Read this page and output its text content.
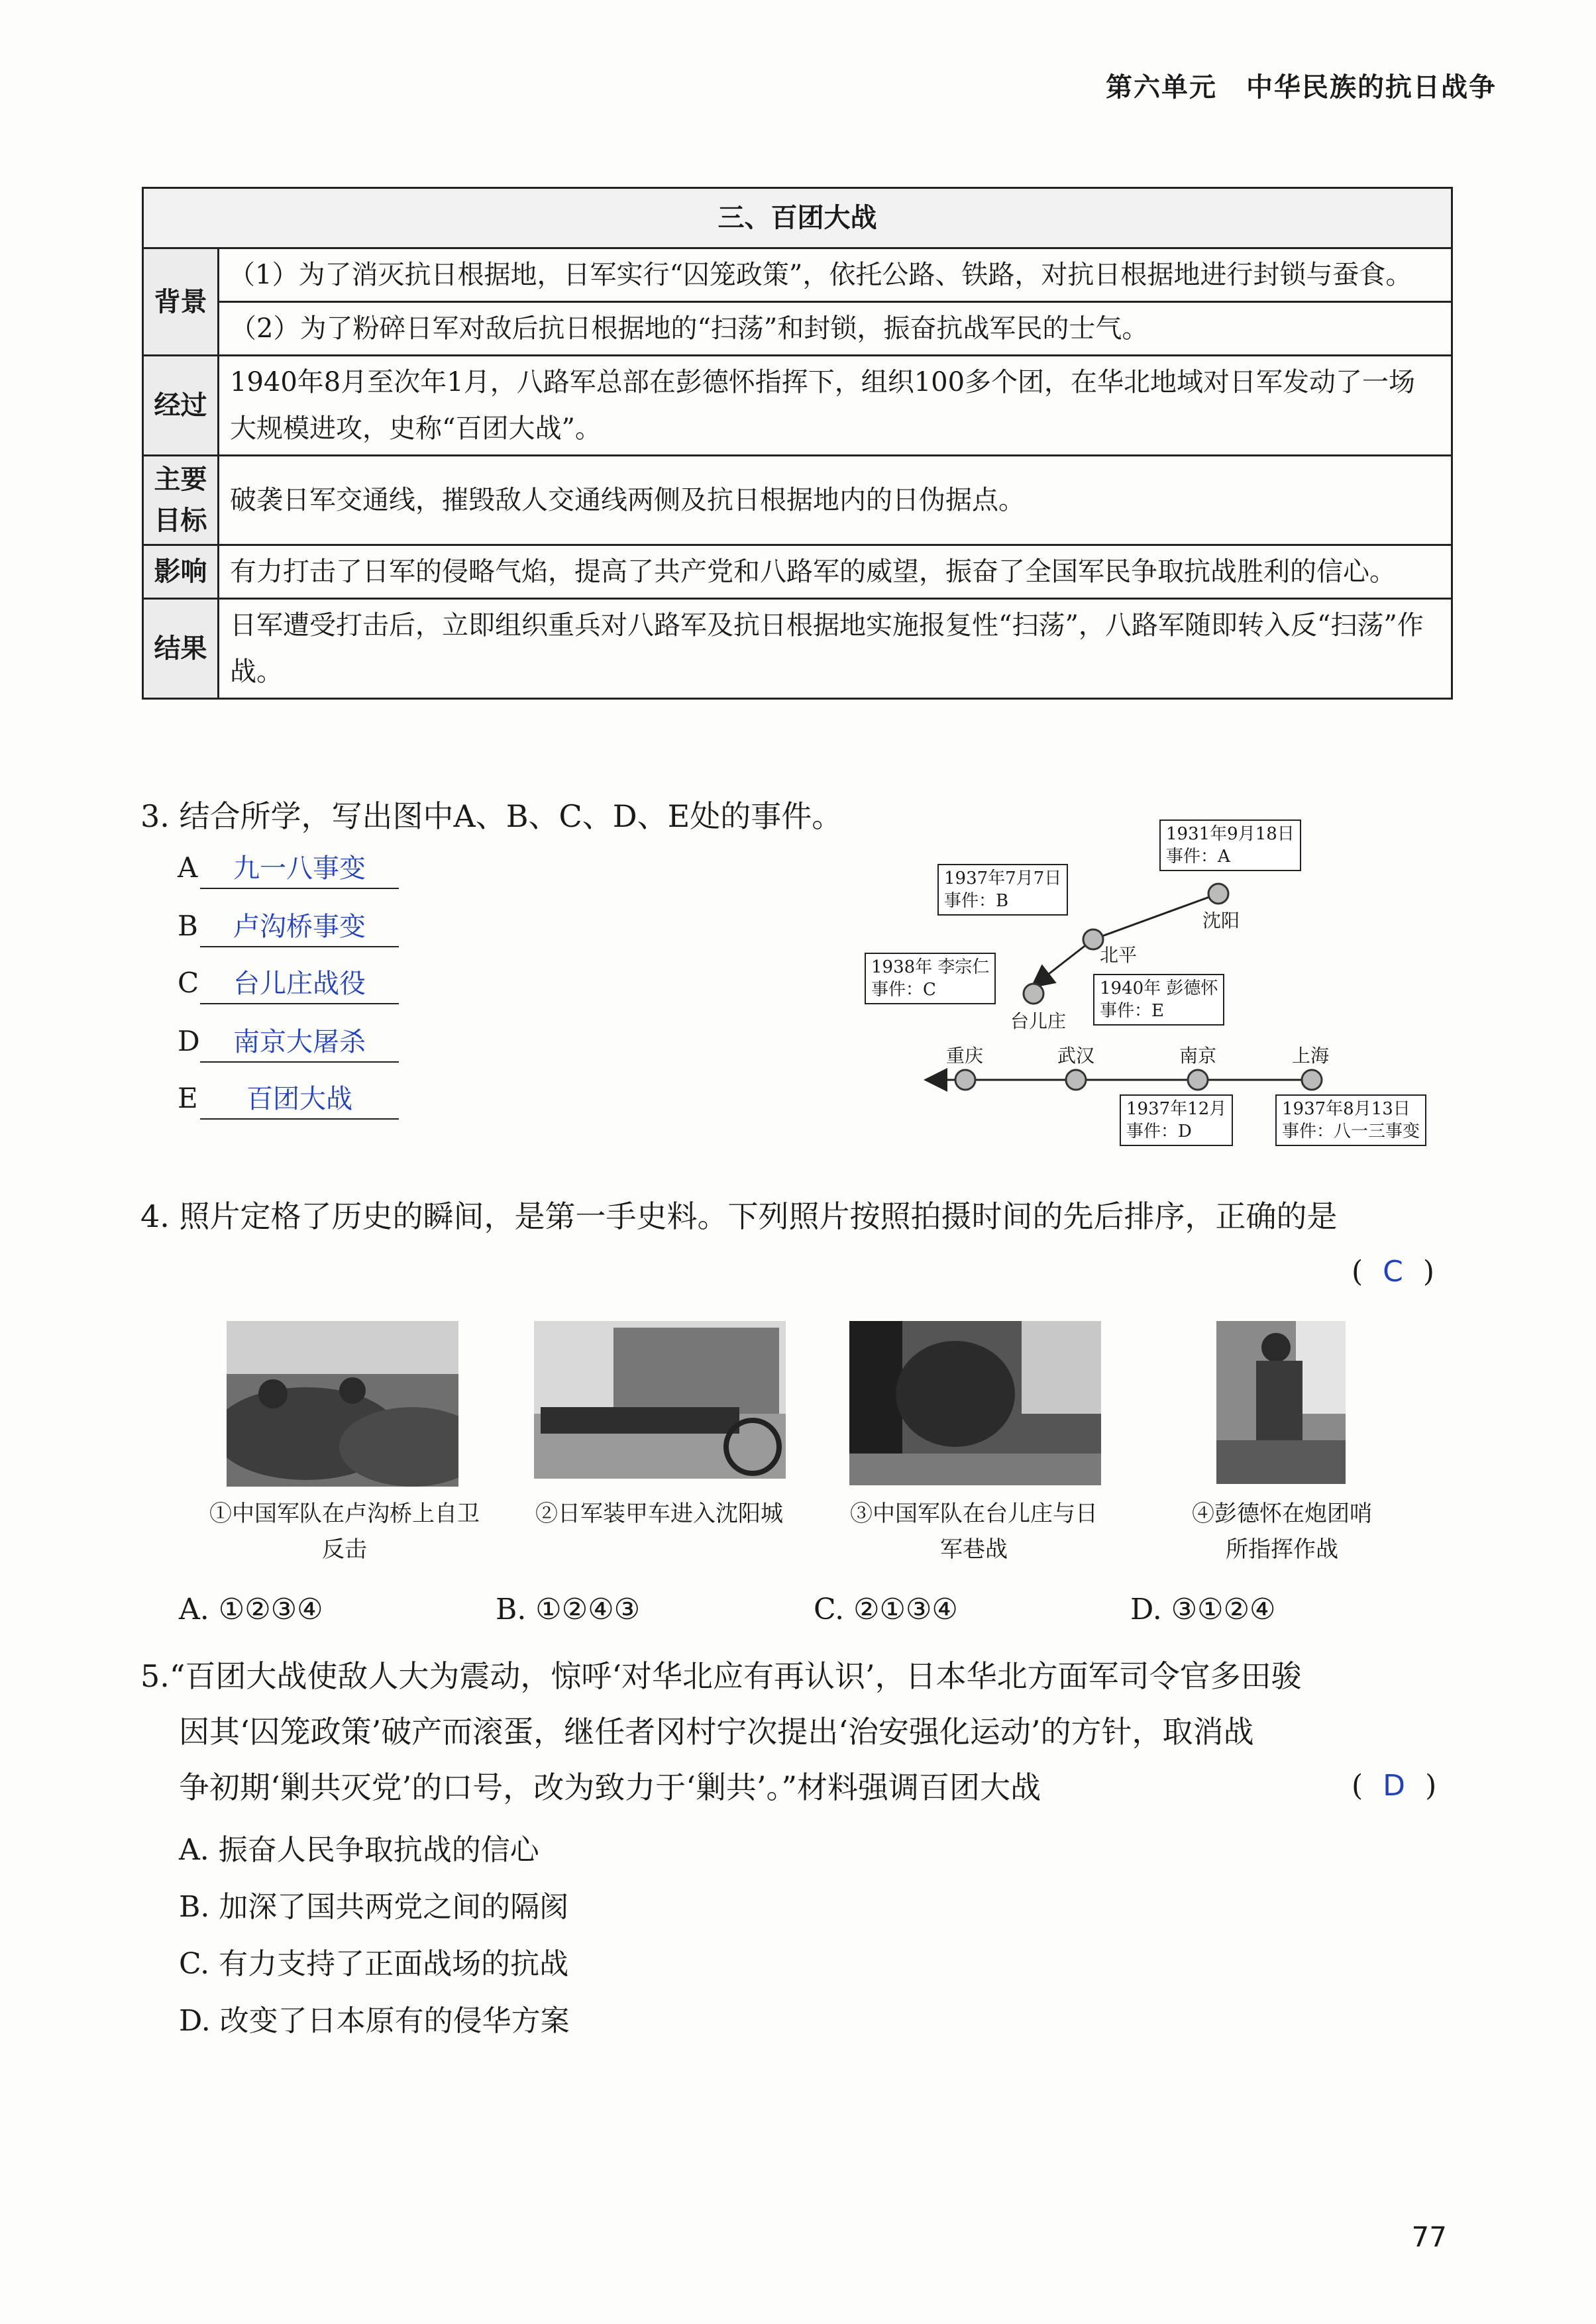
第六单元 中华民族的抗日战争
三、百团大战	
背景	（1）为了消灭抗日根据地，日军实行“囚笼政策”，依托公路、铁路，对抗日根据地进行封锁与蚕食。
	（2）为了粉碎日军对敌后抗日根据地的“扫荡”和封锁，振奋抗战军民的士气。
经过	1940年8月至次年1月，八路军总部在彭德怀指挥下，组织100多个团，在华北地域对日军发动了一场大规模进攻，史称“百团大战”。
主要目标	破袭日军交通线，摧毁敌人交通线两侧及抗日根据地内的日伪据点。
影响	有力打击了日军的侵略气焰，提高了共产党和八路军的威望，振奋了全国军民争取抗战胜利的信心。
结果	日军遭受打击后，立即组织重兵对八路军及抗日根据地实施报复性“扫荡”，八路军随即转入反“扫荡”作战。
3. 结合所学，写出图中A、B、C、D、E处的事件。
A 九一八事变
B 卢沟桥事变
C 台儿庄战役
D 南京大屠杀
E 百团大战
1931年9月18日
事件：A
1937年7月7日
事件：B
1938年 李宗仁
事件：C	1940年 彭德怀
事件：E
1937年12月
事件：D
1937年8月13日
事件：八一三事变
沈阳
北平
台儿庄
重庆	武汉	南京	上海
4. 照片定格了历史的瞬间，是第一手史料。下列照片按照拍摄时间的先后排序，正确的是
( C )
①中国军队在卢沟桥上自卫反击
②日军装甲车进入沈阳城	③中国军队在台儿庄与日军巷战
④彭德怀在炮团哨所指挥作战
A. ①②③④	B. ①②④③	C. ②①③④	D. ③①②④
5.“百团大战使敌人大为震动，惊呼‘对华北应有再认识’，日本华北方面军司令官多田骏
因其‘囚笼政策’破产而滚蛋，继任者冈村宁次提出‘治安强化运动’的方针，取消战
争初期‘剿共灭党’的口号，改为致力于‘剿共’。”材料强调百团大战	( D )
A. 振奋人民争取抗战的信心
B. 加深了国共两党之间的隔阂
C. 有力支持了正面战场的抗战
D. 改变了日本原有的侵华方案
77
